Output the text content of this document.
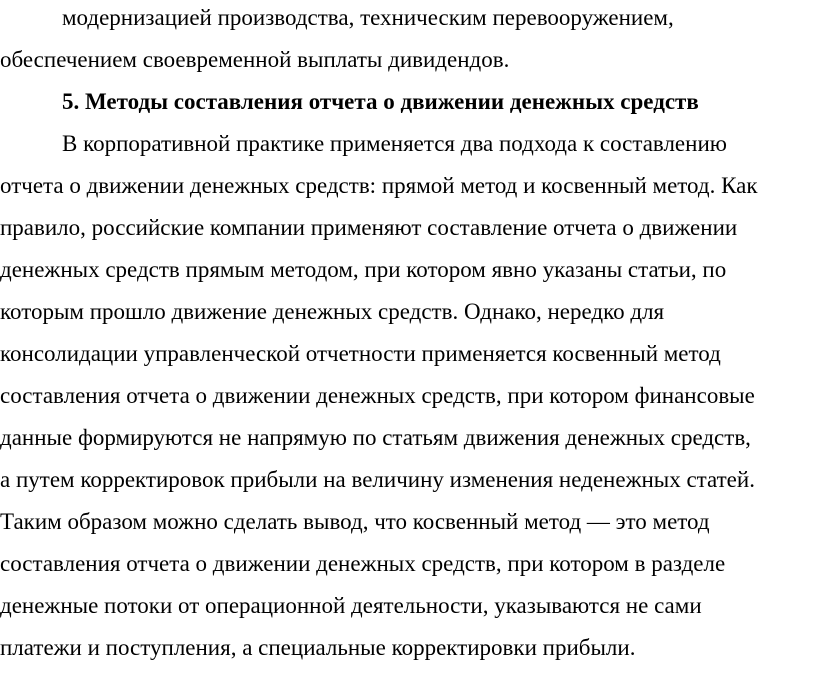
модернизацией производства, техническим перевооружением,

обеспечением своевременной выплаты дивидендов.

5. Методы составления отчета о движении денежных средств

В корпоративной практике применяется два подхода к составлению

отчета о движении денежных средств: прямой метод и косвенный метод. Как

правило, российские компании применяют составление отчета о движении

денежных средств прямым методом, при котором явно указаны статьи, по

которым прошло движение денежных средств. Однако, нередко для

консолидации управленческой отчетности применяется косвенный метод

составления отчета о движении денежных средств, при котором финансовые

данные формируются не напрямую по статьям движения денежных средств,

а путем корректировок прибыли на величину изменения неденежных статей.

Таким образом можно сделать вывод, что косвенный метод — это метод

составления отчета о движении денежных средств, при котором в разделе

денежные потоки от операционной деятельности, указываются не сами

платежи и поступления, а специальные корректировки прибыли.
